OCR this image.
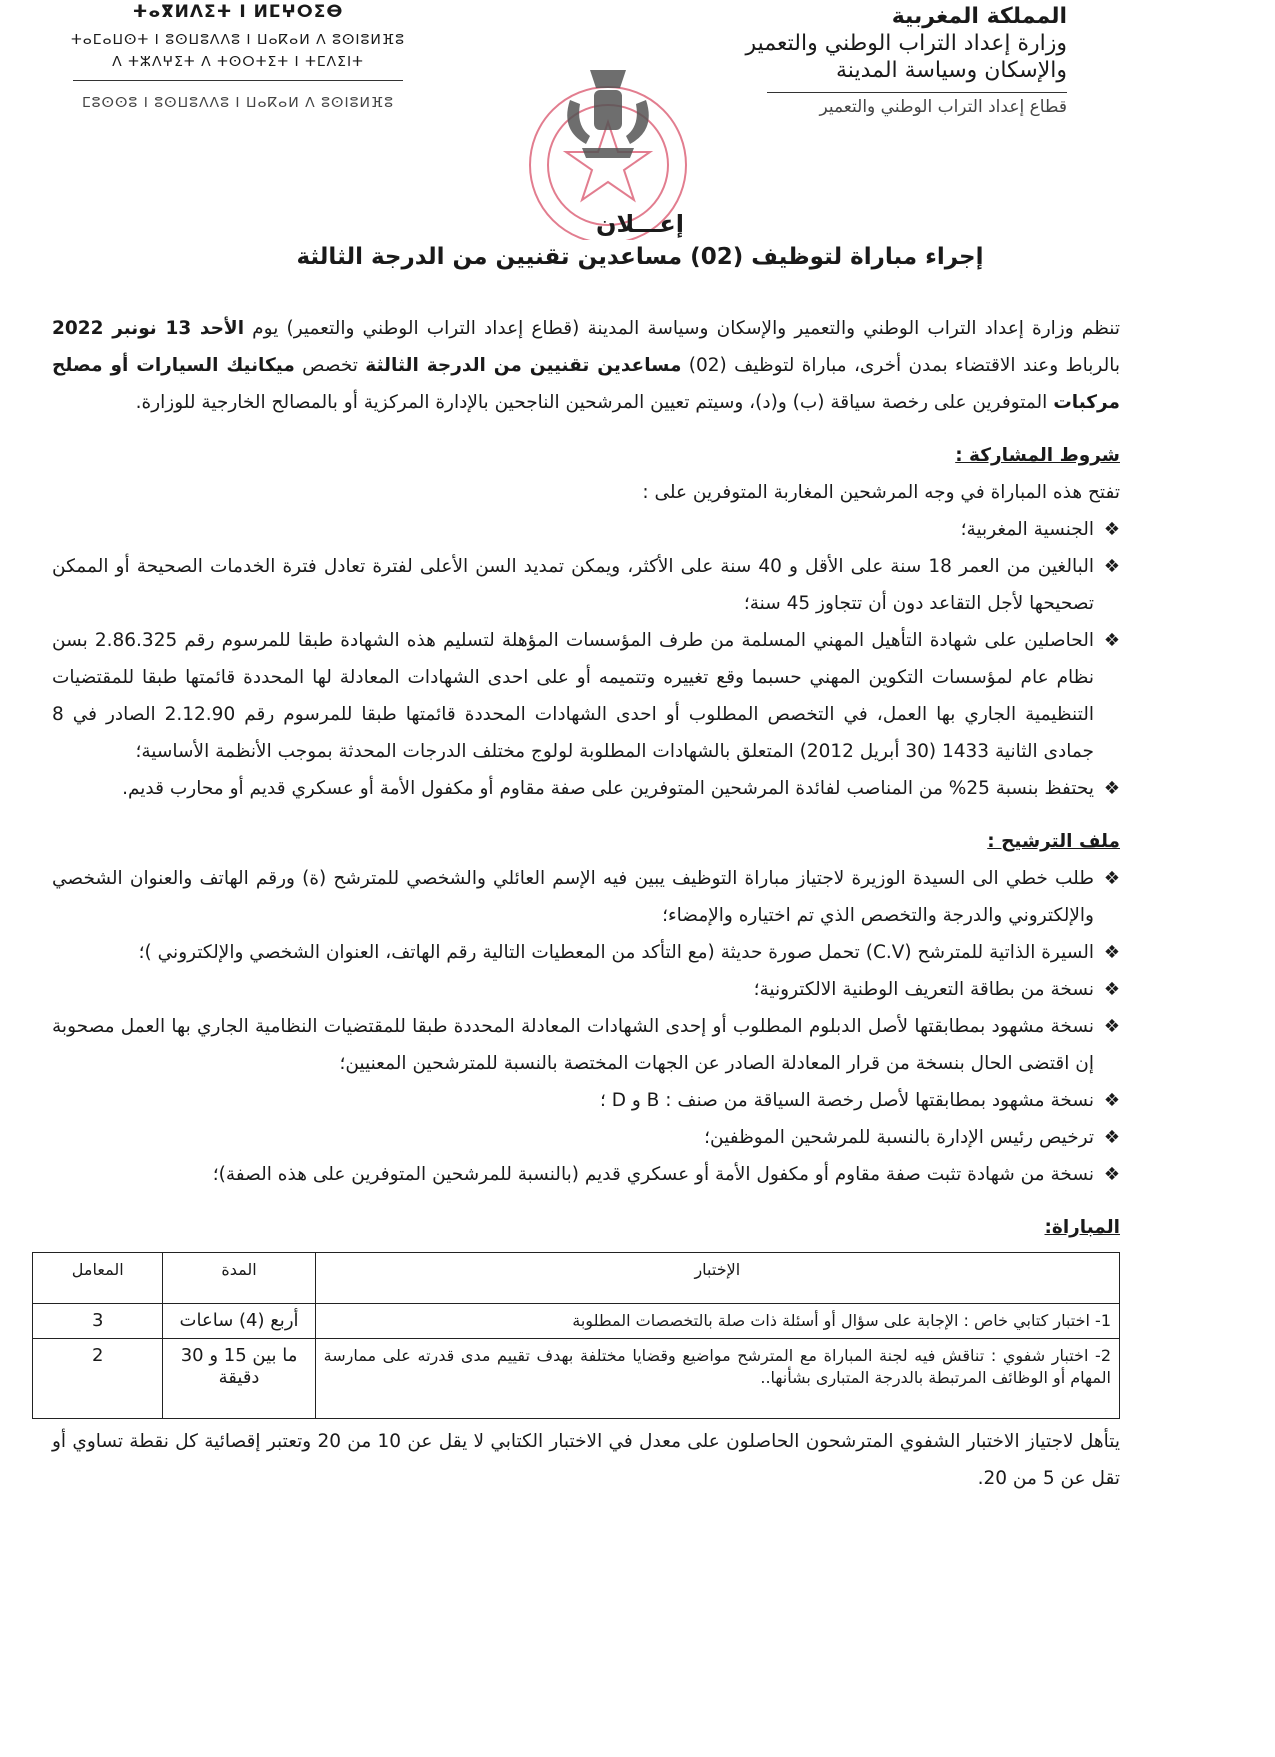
ⵜⴰⴳⵍⴷⵉⵜ ⵏ ⵍⵎⵖⵔⵉⴱ
ⵜⴰⵎⴰⵡⵙⵜ ⵏ ⵓⵙⵡⵓⴷⴷⵓ ⵏ ⵡⴰⴽⴰⵍ ⴷ ⵓⵙⵏⵓⵍⴼⵓ
ⴷ ⵜⵣⴷⵖⵉⵜ ⴷ ⵜⵙⵔⵜⵉⵜ ⵏ ⵜⵎⴷⵉⵏⵜ
ⵎⵓⵙⵙⵓ ⵏ ⵓⵙⵡⵓⴷⴷⵓ ⵏ ⵡⴰⴽⴰⵍ ⴷ ⵓⵙⵏⵓⵍⴼⵓ
المملكة المغربية
وزارة إعداد التراب الوطني والتعمير
والإسكان وسياسة المدينة
قطاع إعداد التراب الوطني والتعمير
إعـــلان
إجراء مباراة لتوظيف (02) مساعدين تقنيين من الدرجة الثالثة

تنظم وزارة إعداد التراب الوطني والتعمير والإسكان وسياسة المدينة (قطاع إعداد التراب الوطني والتعمير) يوم الأحد 13 نونبر 2022 بالرباط وعند الاقتضاء بمدن أخرى، مباراة لتوظيف (02) مساعدين تقنيين من الدرجة الثالثة تخصص ميكانيك السيارات أو مصلح مركبات المتوفرين على رخصة سياقة (ب) و(د)، وسيتم تعيين المرشحين الناجحين بالإدارة المركزية أو بالمصالح الخارجية للوزارة.

شروط المشاركة :

تفتح هذه المباراة في وجه المرشحين المغاربة المتوفرين على :

❖ الجنسية المغربية؛
❖ البالغين من العمر 18 سنة على الأقل و 40 سنة على الأكثر، ويمكن تمديد السن الأعلى لفترة تعادل فترة الخدمات الصحيحة أو الممكن تصحيحها لأجل التقاعد دون أن تتجاوز 45 سنة؛
❖ الحاصلين على شهادة التأهيل المهني المسلمة من طرف المؤسسات المؤهلة لتسليم هذه الشهادة طبقا للمرسوم رقم 2.86.325 بسن نظام عام لمؤسسات التكوين المهني حسبما وقع تغييره وتتميمه أو على احدى الشهادات المعادلة لها المحددة قائمتها طبقا للمقتضيات التنظيمية الجاري بها العمل، في التخصص المطلوب أو احدى الشهادات المحددة قائمتها طبقا للمرسوم رقم 2.12.90 الصادر في 8 جمادى الثانية 1433 (30 أبريل 2012) المتعلق بالشهادات المطلوبة لولوج مختلف الدرجات المحدثة بموجب الأنظمة الأساسية؛
❖ يحتفظ بنسبة 25% من المناصب لفائدة المرشحين المتوفرين على صفة مقاوم أو مكفول الأمة أو عسكري قديم أو محارب قديم.
ملف الترشيح :
❖ طلب خطي الى السيدة الوزيرة لاجتياز مباراة التوظيف يبين فيه الإسم العائلي والشخصي للمترشح (ة) ورقم الهاتف والعنوان الشخصي والإلكتروني والدرجة والتخصص الذي تم اختياره والإمضاء؛
❖ السيرة الذاتية للمترشح (C.V) تحمل صورة حديثة (مع التأكد من المعطيات التالية رقم الهاتف، العنوان الشخصي والإلكتروني )؛
❖ نسخة من بطاقة التعريف الوطنية الالكترونية؛
❖ نسخة مشهود بمطابقتها لأصل الدبلوم المطلوب أو إحدى الشهادات المعادلة المحددة طبقا للمقتضيات النظامية الجاري بها العمل مصحوبة إن اقتضى الحال بنسخة من قرار المعادلة الصادر عن الجهات المختصة بالنسبة للمترشحين المعنيين؛
❖ نسخة مشهود بمطابقتها لأصل رخصة السياقة من صنف : B و D ؛
❖ ترخيص رئيس الإدارة بالنسبة للمرشحين الموظفين؛
❖ نسخة من شهادة تثبت صفة مقاوم أو مكفول الأمة أو عسكري قديم (بالنسبة للمرشحين المتوفرين على هذه الصفة)؛
المباراة:
الإختبار	المدة	المعامل
1- اختبار كتابي خاص : الإجابة على سؤال أو أسئلة ذات صلة بالتخصصات المطلوبة	أربع (4) ساعات	3
2- اختبار شفوي : تناقش فيه لجنة المباراة مع المترشح مواضيع وقضايا مختلفة بهدف تقييم مدى قدرته على ممارسة المهام أو الوظائف المرتبطة بالدرجة المتبارى بشأنها..	ما بين 15 و 30 دقيقة	2

يتأهل لاجتياز الاختبار الشفوي المترشحون الحاصلون على معدل في الاختبار الكتابي لا يقل عن 10 من 20 وتعتبر إقصائية كل نقطة تساوي أو تقل عن 5 من 20.
